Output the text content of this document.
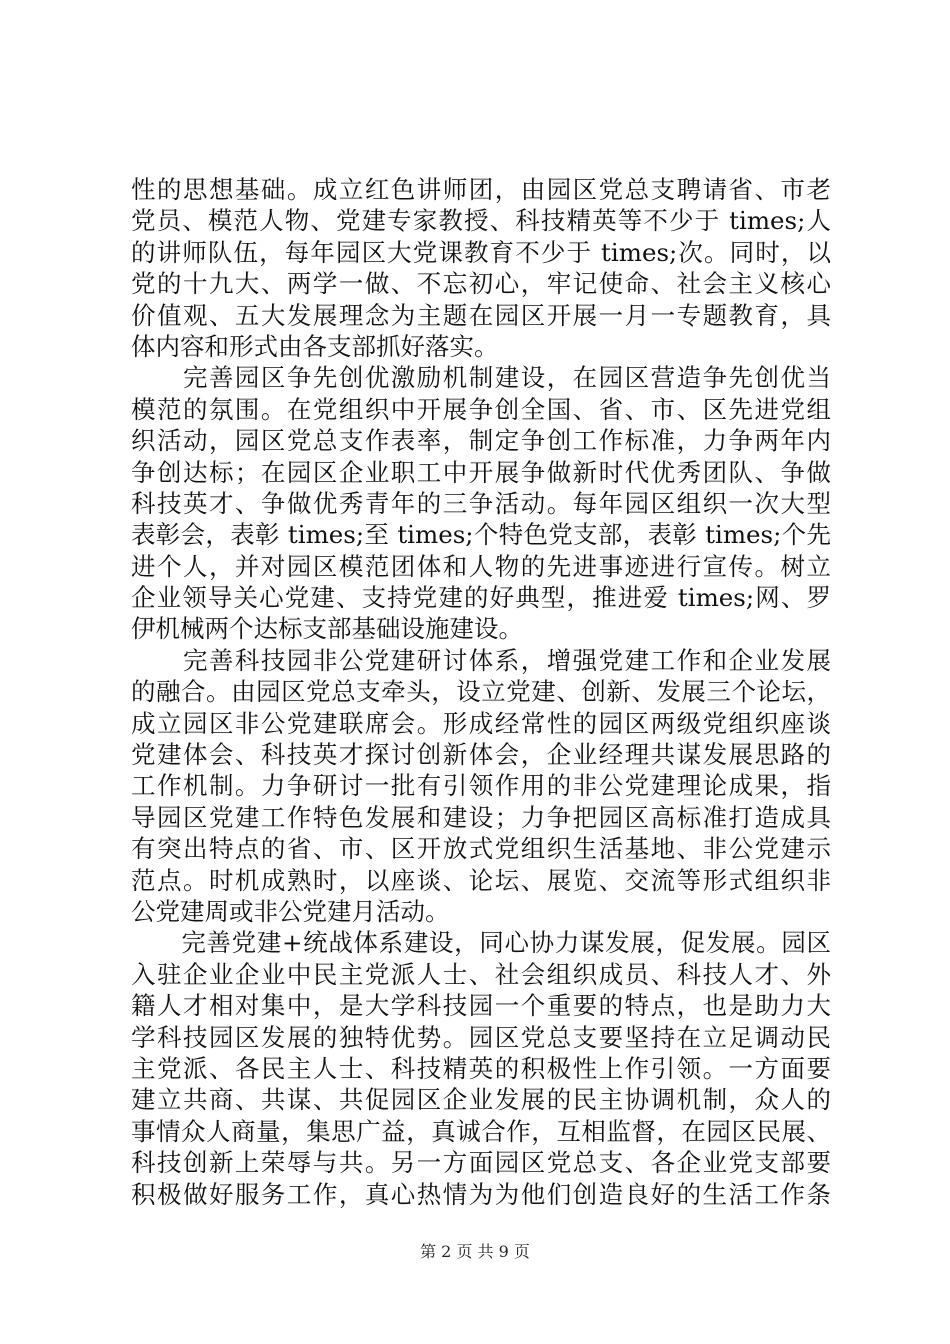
性的思想基础。成立红色讲师团，由园区党总支聘请省、市老
党员、模范人物、党建专家教授、科技精英等不少于 times;人
的讲师队伍，每年园区大党课教育不少于 times;次。同时，以
党的十九大、两学一做、不忘初心，牢记使命、社会主义核心
价值观、五大发展理念为主题在园区开展一月一专题教育，具
体内容和形式由各支部抓好落实。
　　完善园区争先创优激励机制建设，在园区营造争先创优当
模范的氛围。在党组织中开展争创全国、省、市、区先进党组
织活动，园区党总支作表率，制定争创工作标准，力争两年内
争创达标；在园区企业职工中开展争做新时代优秀团队、争做
科技英才、争做优秀青年的三争活动。每年园区组织一次大型
表彰会，表彰 times;至 times;个特色党支部，表彰 times;个先
进个人，并对园区模范团体和人物的先进事迹进行宣传。树立
企业领导关心党建、支持党建的好典型，推进爱 times;网、罗
伊机械两个达标支部基础设施建设。
　　完善科技园非公党建研讨体系，增强党建工作和企业发展
的融合。由园区党总支牵头，设立党建、创新、发展三个论坛，
成立园区非公党建联席会。形成经常性的园区两级党组织座谈
党建体会、科技英才探讨创新体会，企业经理共谋发展思路的
工作机制。力争研讨一批有引领作用的非公党建理论成果，指
导园区党建工作特色发展和建设；力争把园区高标准打造成具
有突出特点的省、市、区开放式党组织生活基地、非公党建示
范点。时机成熟时，以座谈、论坛、展览、交流等形式组织非
公党建周或非公党建月活动。
　　完善党建+统战体系建设，同心协力谋发展，促发展。园区
入驻企业企业中民主党派人士、社会组织成员、科技人才、外
籍人才相对集中，是大学科技园一个重要的特点，也是助力大
学科技园区发展的独特优势。园区党总支要坚持在立足调动民
主党派、各民主人士、科技精英的积极性上作引领。一方面要
建立共商、共谋、共促园区企业发展的民主协调机制，众人的
事情众人商量，集思广益，真诚合作，互相监督，在园区民展、
科技创新上荣辱与共。另一方面园区党总支、各企业党支部要
积极做好服务工作，真心热情为为他们创造良好的生活工作条
第 2 页 共 9 页
